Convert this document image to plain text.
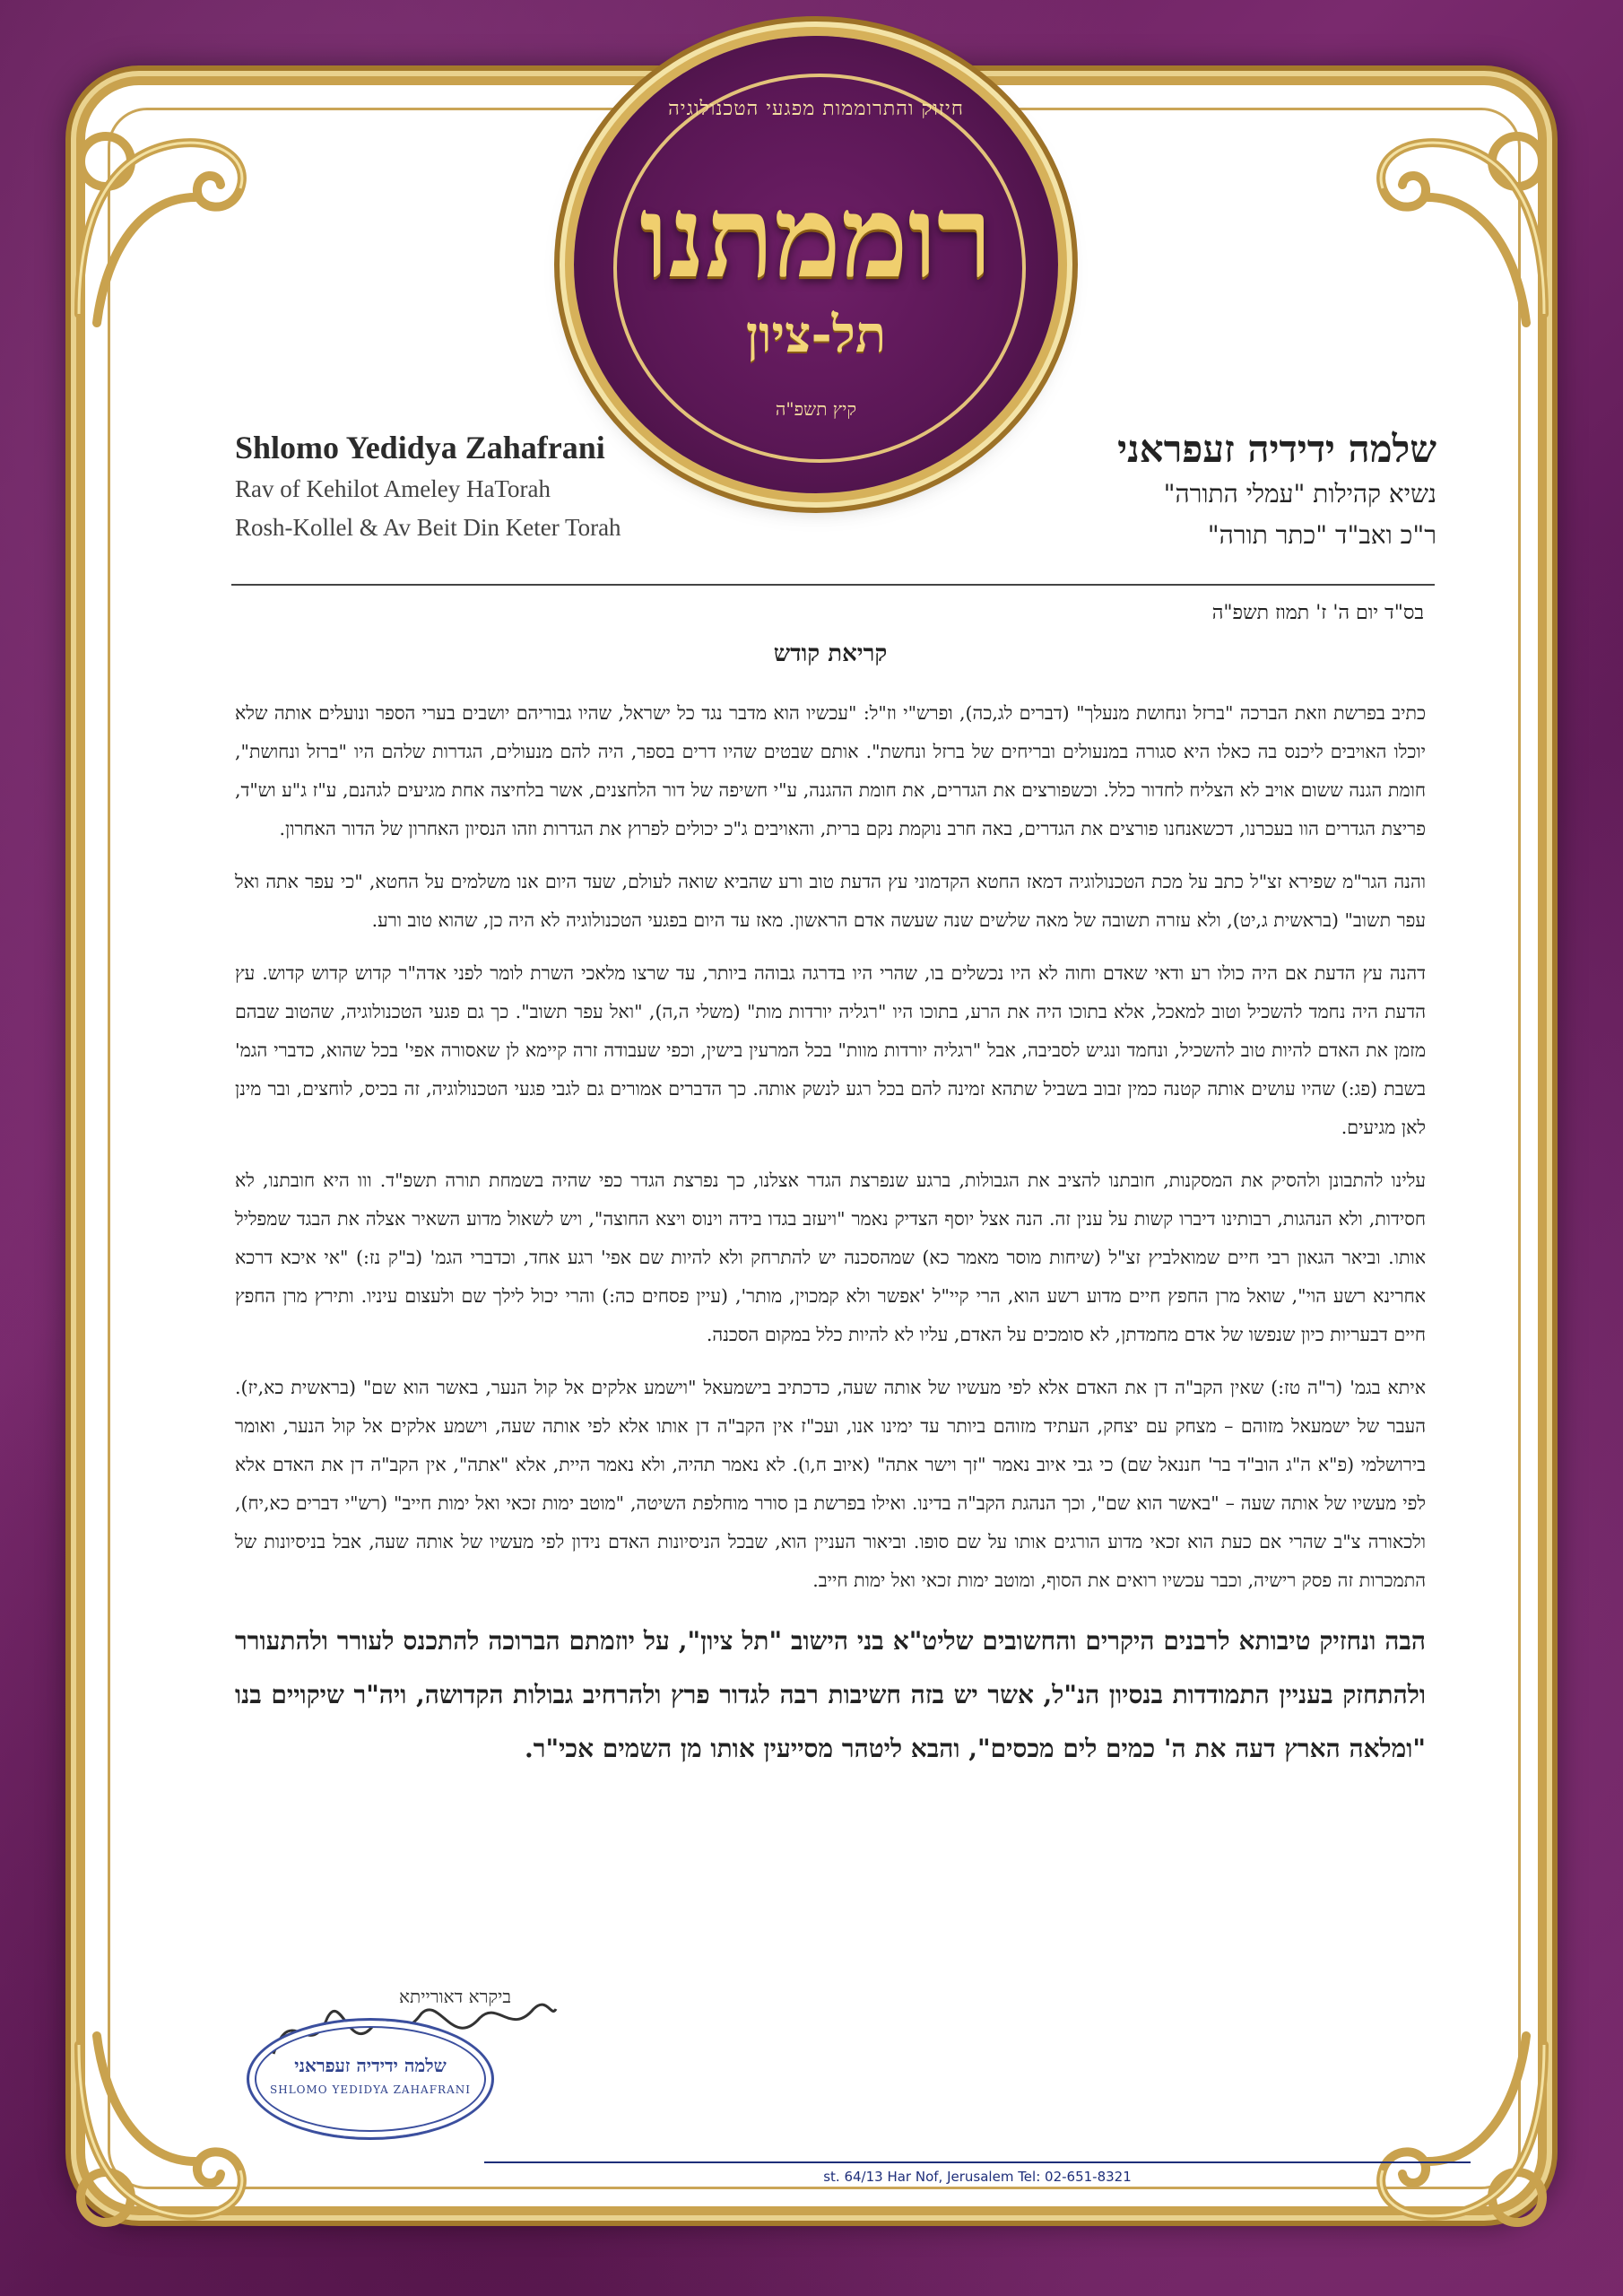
חיזוק והתרוממות מפגעי הטכנולוגיה
רוממתנו
תל-ציון
קיץ תשפ"ה
Shlomo Yedidya Zahafrani
Rav of Kehilot Ameley HaTorah
Rosh-Kollel & Av Beit Din Keter Torah
שלמה ידידיה זעפראני
נשיא קהילות "עמלי התורה"
ר"כ ואב"ד "כתר תורה"
בס"ד יום ה' ז' תמוז תשפ"ה
קריאת קודש

כתיב בפרשת וזאת הברכה "ברזל ונחושת מנעלך" (דברים לג,כה), ופרש"י וז"ל: "עכשיו הוא מדבר נגד כל ישראל, שהיו גבוריהם יושבים בערי הספר ונועלים אותה שלא יוכלו האויבים ליכנס בה כאלו היא סגורה במנעולים ובריחים של ברזל ונחשת". אותם שבטים שהיו דרים בספר, היה להם מנעולים, הגדרות שלהם היו "ברזל ונחושת", חומת הגנה ששום אויב לא הצליח לחדור כלל. וכשפורצים את הגדרים, את חומת ההגנה, ע"י חשיפה של דור הלחצנים, אשר בלחיצה אחת מגיעים לגהנם, ע"ז ג"ע וש"ד, פריצת הגדרים הוו בעכרנו, דכשאנחנו פורצים את הגדרים, באה חרב נוקמת נקם ברית, והאויבים ג"כ יכולים לפרוץ את הגדרות וזהו הנסיון האחרון של הדור האחרון.

והנה הגר"מ שפירא זצ"ל כתב על מכת הטכנולוגיה דמאז החטא הקדמוני עץ הדעת טוב ורע שהביא שואה לעולם, שעד היום אנו משלמים על החטא, "כי עפר אתה ואל עפר תשוב" (בראשית ג,יט), ולא עזרה תשובה של מאה שלשים שנה שעשה אדם הראשון. מאז עד היום בפגעי הטכנולוגיה לא היה כן, שהוא טוב ורע.

דהנה עץ הדעת אם היה כולו רע ודאי שאדם וחוה לא היו נכשלים בו, שהרי היו בדרגה גבוהה ביותר, עד שרצו מלאכי השרת לומר לפני אדה"ר קדוש קדוש קדוש. עץ הדעת היה נחמד להשכיל וטוב למאכל, אלא בתוכו היה את הרע, בתוכו היו "רגליה יורדות מות" (משלי ה,ה), "ואל עפר תשוב". כך גם פגעי הטכנולוגיה, שהטוב שבהם מזמן את האדם להיות טוב להשכיל, ונחמד ונגיש לסביבה, אבל "רגליה יורדות מוות" בכל המרעין בישין, וכפי שעבודה זרה קיימא לן שאסורה אפי' בכל שהוא, כדברי הגמ' בשבת (פג:) שהיו עושים אותה קטנה כמין זבוב בשביל שתהא זמינה להם בכל רגע לנשק אותה. כך הדברים אמורים גם לגבי פגעי הטכנולוגיה, זה בכיס, לוחצים, ובר מינן לאן מגיעים.

עלינו להתבונן ולהסיק את המסקנות, חובתנו להציב את הגבולות, ברגע שנפרצת הגדר אצלנו, כך נפרצת הגדר כפי שהיה בשמחת תורה תשפ"ד. ווו היא חובתנו, לא חסידות, ולא הנהגות, רבותינו דיברו קשות על ענין זה. הנה אצל יוסף הצדיק נאמר "ויעזב בגדו בידה וינוס ויצא החוצה", ויש לשאול מדוע השאיר אצלה את הבגד שמפליל אותו. וביאר הגאון רבי חיים שמואלביץ זצ"ל (שיחות מוסר מאמר כא) שמהסכנה יש להתרחק ולא להיות שם אפי' רגע אחד, וכדברי הגמ' (ב"ק נז:) "אי איכא דרכא אחרינא רשע הוי", שואל מרן החפץ חיים מדוע רשע הוא, הרי קיי"ל 'אפשר ולא קמכוין, מותר', (עיין פסחים כה:) והרי יכול לילך שם ולעצום עיניו. ותירץ מרן החפץ חיים דבעריות כיון שנפשו של אדם מחמדתן, לא סומכים על האדם, עליו לא להיות כלל במקום הסכנה.

איתא בגמ' (ר"ה טז:) שאין הקב"ה דן את האדם אלא לפי מעשיו של אותה שעה, כדכתיב בישמעאל "וישמע אלקים אל קול הנער, באשר הוא שם" (בראשית כא,יז). העבר של ישמעאל מזוהם – מצחק עם יצחק, העתיד מזוהם ביותר עד ימינו אנו, ועכ"ז אין הקב"ה דן אותו אלא לפי אותה שעה, וישמע אלקים אל קול הנער, ואומר בירושלמי (פ"א ה"ג הוב"ד בר' חננאל שם) כי גבי איוב נאמר "זך וישר אתה" (איוב ח,ו). לא נאמר תהיה, ולא נאמר היית, אלא "אתה", אין הקב"ה דן את האדם אלא לפי מעשיו של אותה שעה – "באשר הוא שם", וכך הנהגת הקב"ה בדינו. ואילו בפרשת בן סורר מוחלפת השיטה, "מוטב ימות זכאי ואל ימות חייב" (רש"י דברים כא,יח), ולכאורה צ"ב שהרי אם כעת הוא זכאי מדוע הורגים אותו על שם סופו. וביאור העניין הוא, שבכל הניסיונות האדם נידון לפי מעשיו של אותה שעה, אבל בניסיונות של התמכרות זה פסק רישיה, וכבר עכשיו רואים את הסוף, ומוטב ימות זכאי ואל ימות חייב.

הבה ונחזיק טיבותא לרבנים היקרים והחשובים שליט"א בני הישוב "תל ציון", על יוזמתם הברוכה להתכנס לעורר ולהתעורר ולהתחזק בעניין התמודדות בנסיון הנ"ל, אשר יש בזה חשיבות רבה לגדור פרץ ולהרחיב גבולות הקדושה, ויה"ר שיקויים בנו "ומלאה הארץ דעה את ה' כמים לים מכסים", והבא ליטהר מסייעין אותו מן השמים אכי"ר.

ביקרא דאורייתא
שלמה ידידיה זעפראני
SHLOMO YEDIDYA ZAHAFRANI
st. 64/13 Har Nof, Jerusalem Tel: 02-651-8321
